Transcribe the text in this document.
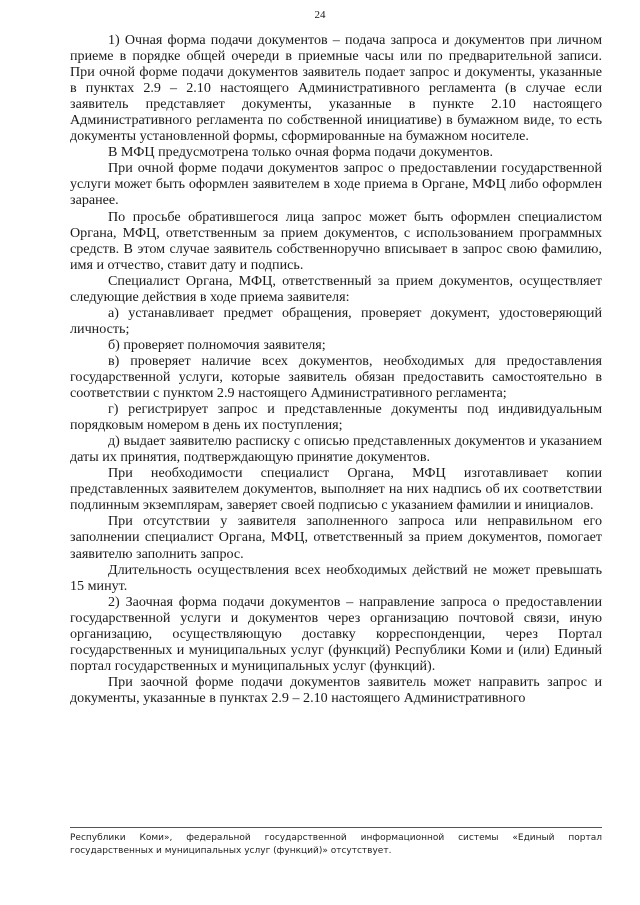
24

1) Очная форма подачи документов – подача запроса и документов при личном приеме в порядке общей очереди в приемные часы или по предварительной записи. При очной форме подачи документов заявитель подает запрос и документы, указанные в пунктах 2.9 – 2.10 настоящего Административного регламента (в случае если заявитель представляет документы, указанные в пункте 2.10 настоящего Административного регламента по собственной инициативе) в бумажном виде, то есть документы установленной формы, сформированные на бумажном носителе.

В МФЦ предусмотрена только очная форма подачи документов.

При очной форме подачи документов запрос о предоставлении государственной услуги может быть оформлен заявителем в ходе приема в Органе, МФЦ либо оформлен заранее.

По просьбе обратившегося лица запрос может быть оформлен специалистом Органа, МФЦ, ответственным за прием документов, с использованием программных средств. В этом случае заявитель собственноручно вписывает в запрос свою фамилию, имя и отчество, ставит дату и подпись.

Специалист Органа, МФЦ, ответственный за прием документов, осуществляет следующие действия в ходе приема заявителя:

а) устанавливает предмет обращения, проверяет документ, удостоверяющий личность;

б) проверяет полномочия заявителя;

в) проверяет наличие всех документов, необходимых для предоставления государственной услуги, которые заявитель обязан предоставить самостоятельно в соответствии с пунктом 2.9 настоящего Административного регламента;

г) регистрирует запрос и представленные документы под индивидуальным порядковым номером в день их поступления;

д) выдает заявителю расписку с описью представленных документов и указанием даты их принятия, подтверждающую принятие документов.

При необходимости специалист Органа, МФЦ изготавливает копии представленных заявителем документов, выполняет на них надпись об их соответствии подлинным экземплярам, заверяет своей подписью с указанием фамилии и инициалов.

При отсутствии у заявителя заполненного запроса или неправильном его заполнении специалист Органа, МФЦ, ответственный за прием документов, помогает заявителю заполнить запрос.

Длительность осуществления всех необходимых действий не может превышать 15 минут.

2) Заочная форма подачи документов – направление запроса о предоставлении государственной услуги и документов через организацию почтовой связи, иную организацию, осуществляющую доставку корреспонденции, через Портал государственных и муниципальных услуг (функций) Республики Коми и (или) Единый портал государственных и муниципальных услуг (функций).

При заочной форме подачи документов заявитель может направить запрос и документы, указанные в пунктах 2.9 – 2.10 настоящего Административного

Республики Коми», федеральной государственной информационной системы «Единый портал государственных и муниципальных услуг (функций)» отсутствует.
